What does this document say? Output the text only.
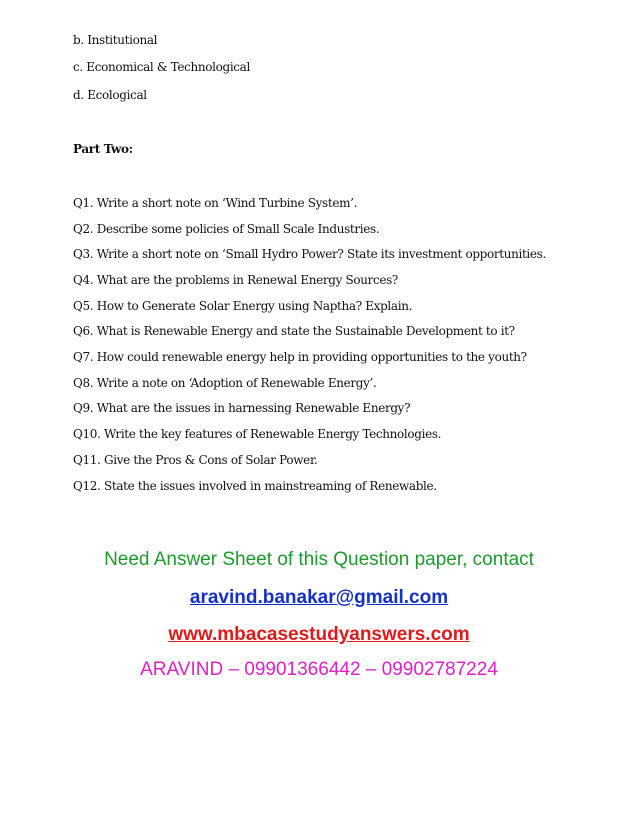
b. Institutional
c. Economical & Technological
d. Ecological
Part Two:
Q1. Write a short note on ‘Wind Turbine System’.
Q2. Describe some policies of Small Scale Industries.
Q3. Write a short note on ‘Small Hydro Power? State its investment opportunities.
Q4. What are the problems in Renewal Energy Sources?
Q5. How to Generate Solar Energy using Naptha? Explain.
Q6. What is Renewable Energy and state the Sustainable Development to it?
Q7. How could renewable energy help in providing opportunities to the youth?
Q8. Write a note on ‘Adoption of Renewable Energy’.
Q9. What are the issues in harnessing Renewable Energy?
Q10. Write the key features of Renewable Energy Technologies.
Q11. Give the Pros & Cons of Solar Power.
Q12. State the issues involved in mainstreaming of Renewable.
Need Answer Sheet of this Question paper, contact
aravind.banakar@gmail.com
www.mbacasestudyanswers.com
ARAVIND – 09901366442 – 09902787224
